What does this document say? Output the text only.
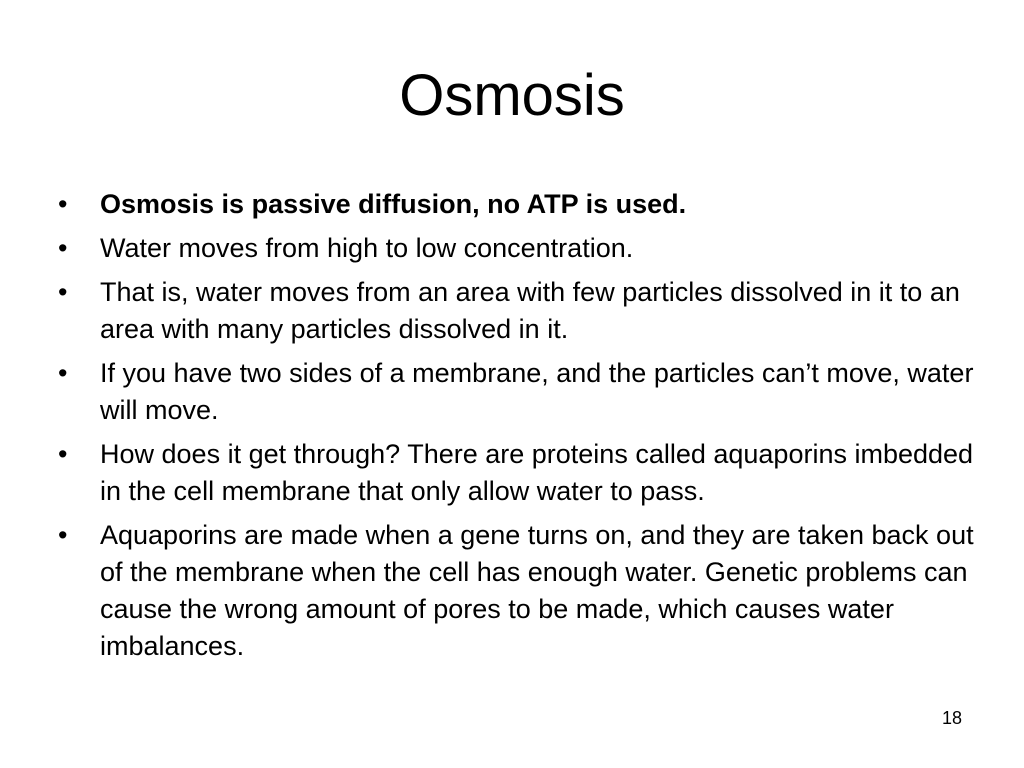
Osmosis
•	Osmosis is passive diffusion, no ATP is used.
•	Water moves from high to low concentration.
•	That is, water moves from an area with few particles dissolved in it to an area with many particles dissolved in it.
•	If you have two sides of a membrane, and the particles can’t move, water will move.
•	How does it get through? There are proteins called aquaporins imbedded in the cell membrane that only allow water to pass.
•	Aquaporins are made when a gene turns on, and they are taken back out of the membrane when the cell has enough water. Genetic problems can cause the wrong amount of pores to be made, which causes water imbalances.
18
